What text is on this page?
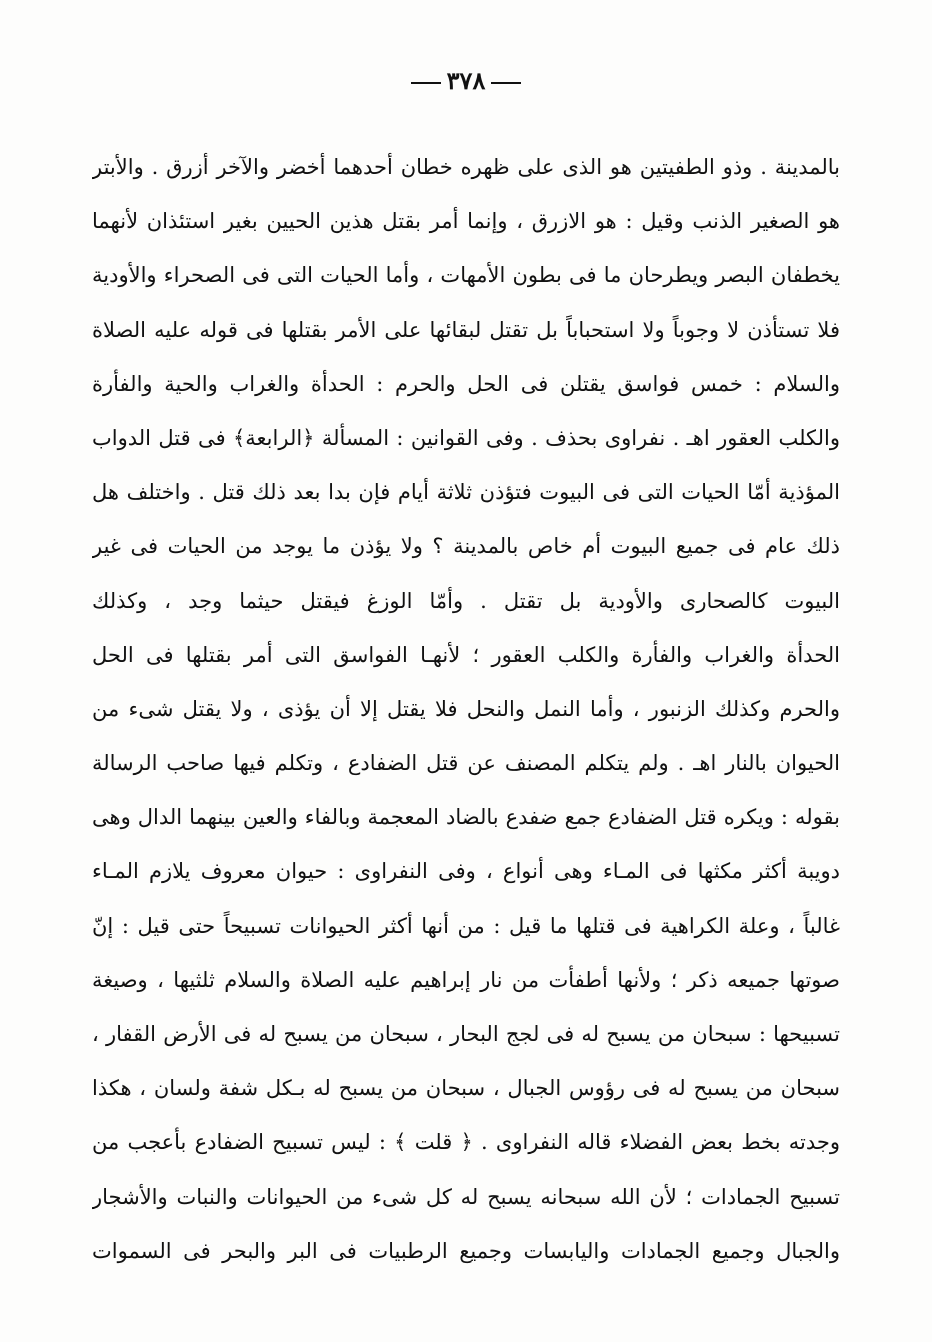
٣٧٨
بالمدينة . وذو الطفيتين هو الذى على ظهره خطان أحدهما أخضر والآخر أزرق . والأبتر
هو الصغير الذنب وقيل : هو الازرق ، وإنما أمر بقتل هذين الحيين بغير استئذان لأنهما
يخطفان البصر ويطرحان ما فى بطون الأمهات ، وأما الحيات التى فى الصحراء والأودية
فلا تستأذن لا وجوباً ولا استحباباً بل تقتل لبقائها على الأمر بقتلها فى قوله عليه الصلاة
والسلام : خمس فواسق يقتلن فى الحل والحرم : الحدأة والغراب والحية والفأرة
والكلب العقور اهـ . نفراوى بحذف . وفى القوانين : المسألة ﴿الرابعة﴾ فى قتل الدواب
المؤذية أمّا الحيات التى فى البيوت فتؤذن ثلاثة أيام فإن بدا بعد ذلك قتل . واختلف هل
ذلك عام فى جميع البيوت أم خاص بالمدينة ؟ ولا يؤذن ما يوجد من الحيات فى غير
البيوت كالصحارى والأودية بل تقتل . وأمّا الوزغ فيقتل حيثما وجد ، وكذلك
الحدأة والغراب والفأرة والكلب العقور ؛ لأنهـا الفواسق التى أمر بقتلها فى الحل
والحرم وكذلك الزنبور ، وأما النمل والنحل فلا يقتل إلا أن يؤذى ، ولا يقتل شىء من
الحيوان بالنار اهـ . ولم يتكلم المصنف عن قتل الضفادع ، وتكلم فيها صاحب الرسالة
بقوله : ويكره قتل الضفادع جمع ضفدع بالضاد المعجمة وبالفاء والعين بينهما الدال وهى
دويبة أكثر مكثها فى المـاء وهى أنواع ، وفى النفراوى : حيوان معروف يلازم المـاء
غالباً ، وعلة الكراهية فى قتلها ما قيل : من أنها أكثر الحيوانات تسبيحاً حتى قيل : إنّ
صوتها جميعه ذكر ؛ ولأنها أطفأت من نار إبراهيم عليه الصلاة والسلام ثلثيها ، وصيغة
تسبيحها : سبحان من يسبح له فى لجج البحار ، سبحان من يسبح له فى الأرض القفار ،
سبحان من يسبح له فى رؤوس الجبال ، سبحان من يسبح له بـكل شفة ولسان ، هكذا
وجدته بخط بعض الفضلاء قاله النفراوى . ﴿ قلت ﴾ : ليس تسبيح الضفادع بأعجب من
تسبيح الجمادات ؛ لأن الله سبحانه يسبح له كل شىء من الحيوانات والنبات والأشجار
والجبال وجميع الجمادات واليابسات وجميع الرطبيات فى البر والبحر فى السموات
